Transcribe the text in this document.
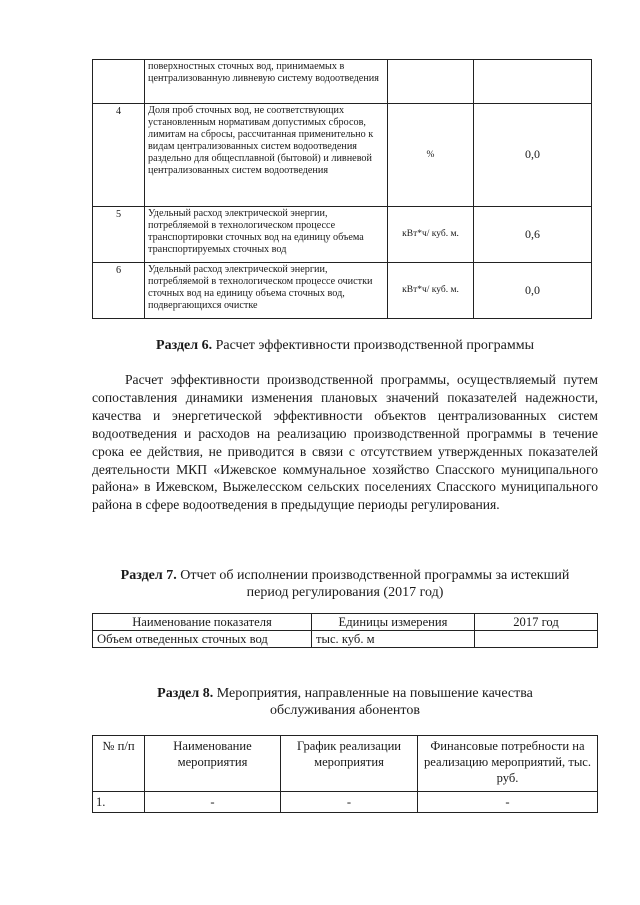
	поверхностных сточных вод, принимаемых в централизованную ливневую систему водоотведения		
4	Доля проб сточных вод, не соответствующих установленным нормативам допустимых сбросов, лимитам на сбросы, рассчитанная применительно к видам централизованных систем водоотведения раздельно для общесплавной (бытовой) и ливневой централизованных систем водоотведения	%	0,0
5	Удельный расход электрической энергии, потребляемой в технологическом процессе транспортировки сточных вод на единицу объема транспортируемых сточных вод	кВт*ч/ куб. м.	0,6
6	Удельный расход электрической энергии, потребляемой в технологическом процессе очистки сточных вод на единицу объема сточных вод, подвергающихся очистке	кВт*ч/ куб. м.	0,0
Раздел 6. Расчет эффективности производственной программы
Расчет эффективности производственной программы, осуществляемый путем сопоставления динамики изменения плановых значений показателей надежности, качества и энергетической эффективности объектов централизованных систем водоотведения и расходов на реализацию производственной программы в течение срока ее действия, не приводится в связи с отсутствием утвержденных показателей деятельности МКП «Ижевское коммунальное хозяйство Спасского муниципального района» в Ижевском, Выжелесском сельских поселениях Спасского муниципального района в сфере водоотведения в предыдущие периоды регулирования.
Раздел 7. Отчет об исполнении производственной программы за истекший
период регулирования (2017 год)
Наименование показателя	Единицы измерения	2017 год
Объем отведенных сточных вод	тыс. куб. м	
Раздел 8. Мероприятия, направленные на повышение качества
обслуживания абонентов
№ п/п	Наименование мероприятия	График реализации мероприятия	Финансовые потребности на реализацию мероприятий, тыс. руб.
1.	-	-	-
